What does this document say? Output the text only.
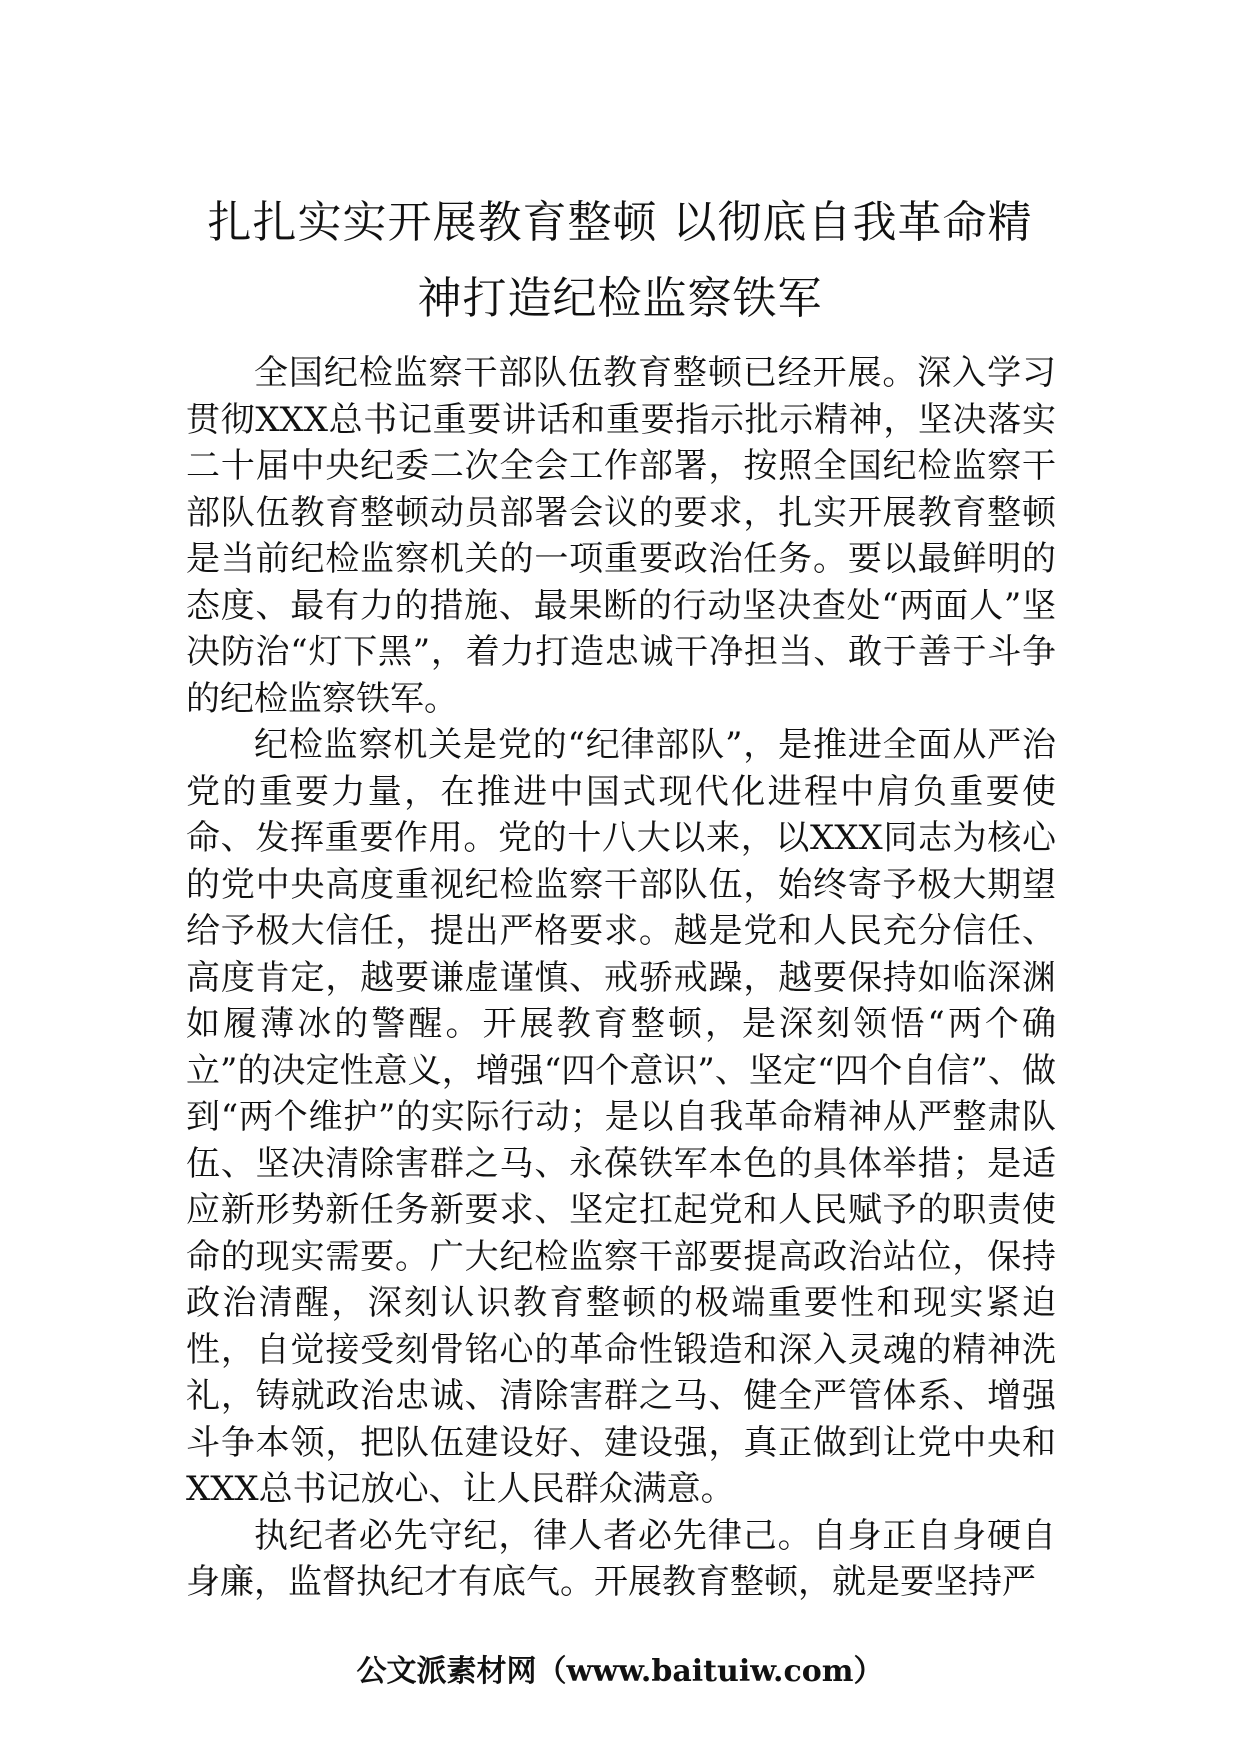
扎扎实实开展教育整顿 以彻底自我革命精
神打造纪检监察铁军

全国纪检监察干部队伍教育整顿已经开展。深入学习贯彻XXX总书记重要讲话和重要指示批示精神，坚决落实二十届中央纪委二次全会工作部署，按照全国纪检监察干部队伍教育整顿动员部署会议的要求，扎实开展教育整顿是当前纪检监察机关的一项重要政治任务。要以最鲜明的态度、最有力的措施、最果断的行动坚决查处“两面人”坚决防治“灯下黑”，着力打造忠诚干净担当、敢于善于斗争的纪检监察铁军。

纪检监察机关是党的“纪律部队”，是推进全面从严治党的重要力量，在推进中国式现代化进程中肩负重要使命、发挥重要作用。党的十八大以来，以XXX同志为核心的党中央高度重视纪检监察干部队伍，始终寄予极大期望给予极大信任，提出严格要求。越是党和人民充分信任、高度肯定，越要谦虚谨慎、戒骄戒躁，越要保持如临深渊如履薄冰的警醒。开展教育整顿，是深刻领悟“两个确立”的决定性意义，增强“四个意识”、坚定“四个自信”、做到“两个维护”的实际行动；是以自我革命精神从严整肃队伍、坚决清除害群之马、永葆铁军本色的具体举措；是适应新形势新任务新要求、坚定扛起党和人民赋予的职责使命的现实需要。广大纪检监察干部要提高政治站位，保持政治清醒，深刻认识教育整顿的极端重要性和现实紧迫性，自觉接受刻骨铭心的革命性锻造和深入灵魂的精神洗礼，铸就政治忠诚、清除害群之马、健全严管体系、增强斗争本领，把队伍建设好、建设强，真正做到让党中央和XXX总书记放心、让人民群众满意。

执纪者必先守纪，律人者必先律己。自身正自身硬自身廉，监督执纪才有底气。开展教育整顿，就是要坚持严

公文派素材网（www.baituiw.com）
